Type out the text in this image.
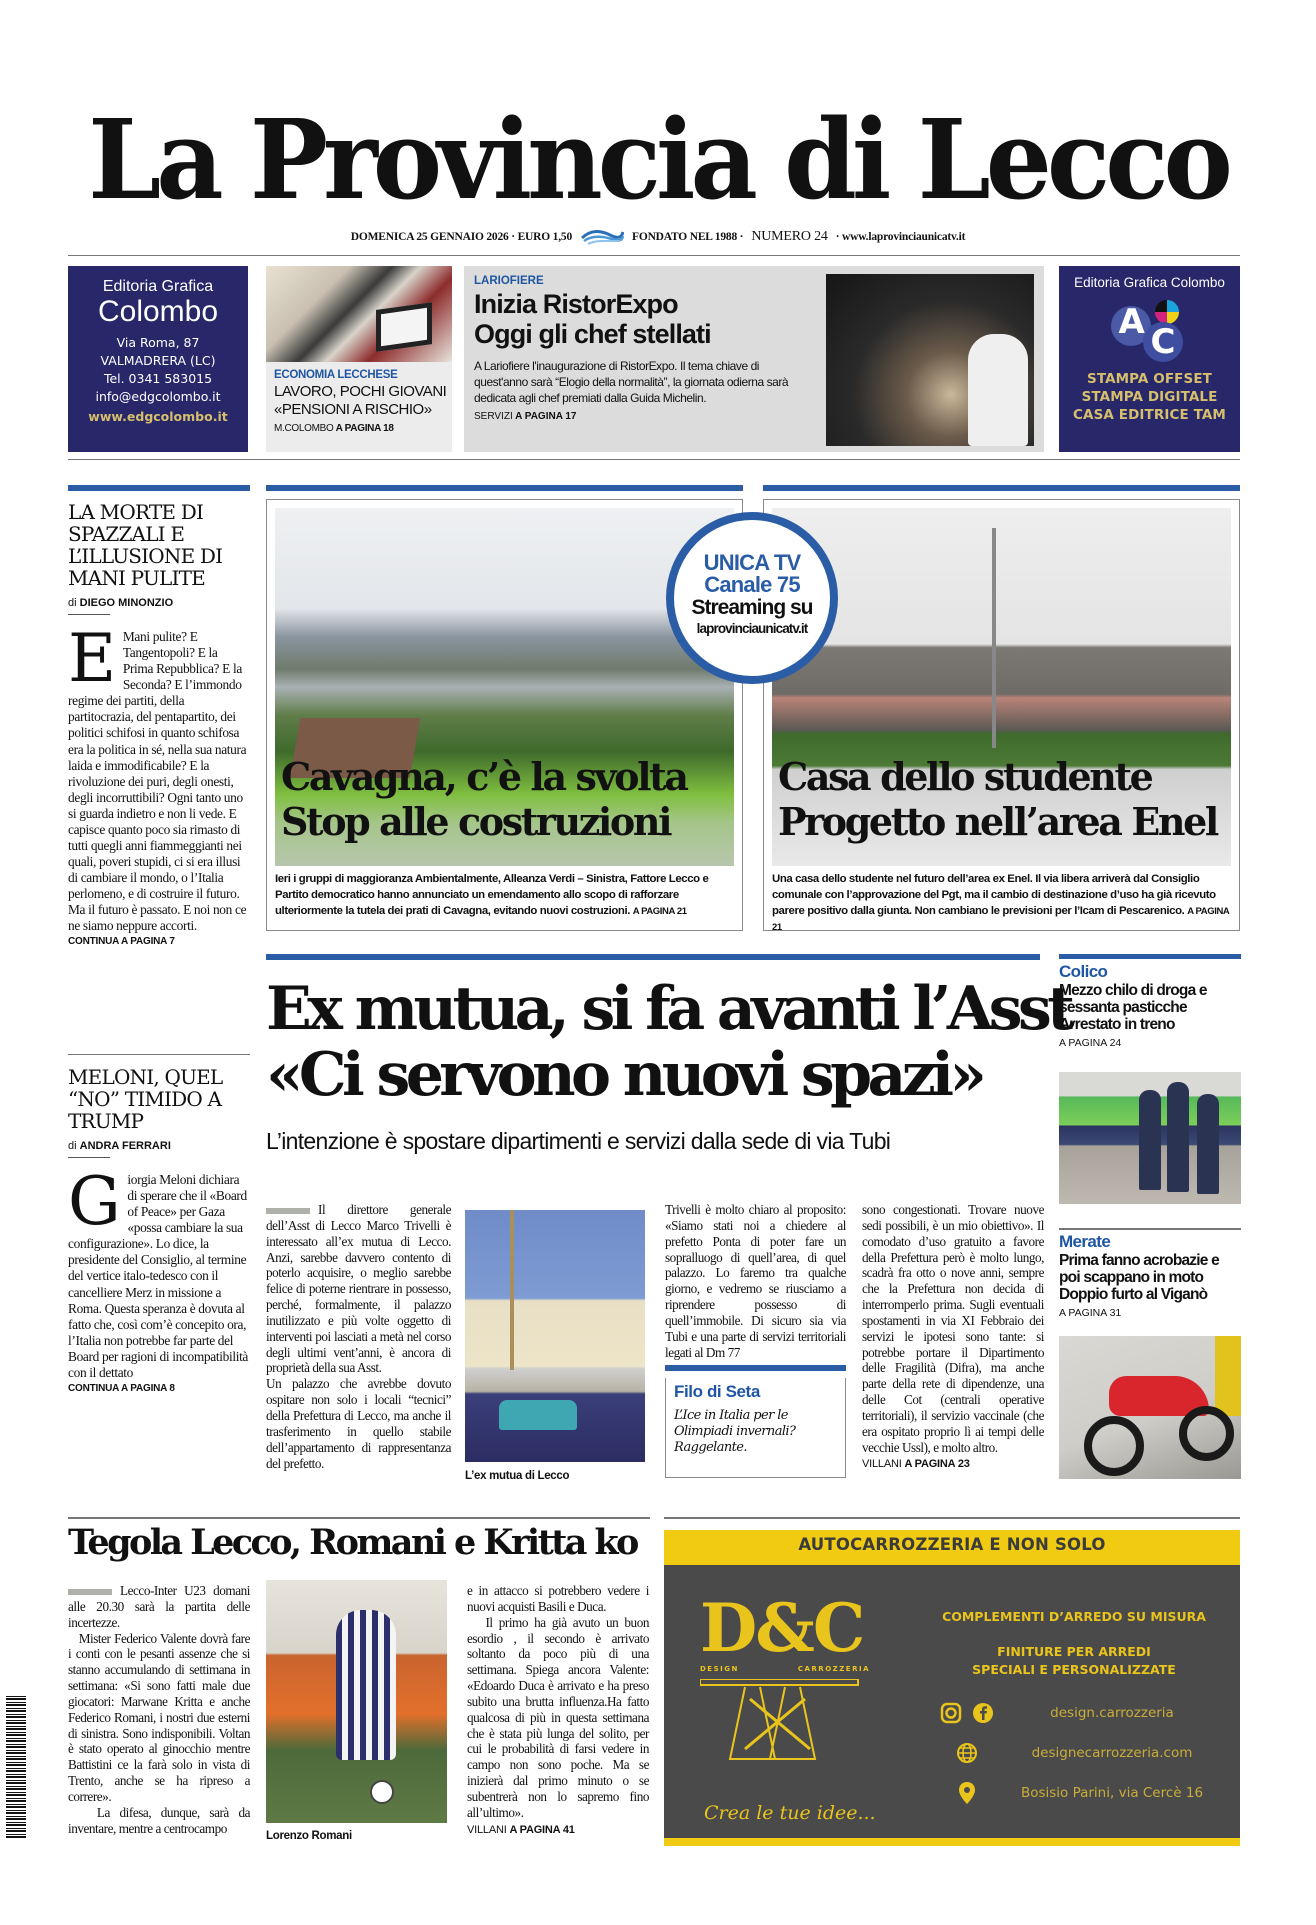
La Provincia di Lecco
DOMENICA 25 GENNAIO 2026 · EURO 1,50	FONDATO NEL 1988 · NUMERO 24 · www.laprovinciaunicatv.it
Editoria Grafica
Colombo
Via Roma, 87
VALMADRERA (LC)
Tel. 0341 583015
info@edgcolombo.it
www.edgcolombo.it
ECONOMIA LECCHESE
LAVORO, POCHI GIOVANI
«PENSIONI A RISCHIO»
M.COLOMBO A PAGINA 18
LARIOFIERE
Inizia RistorExpo
Oggi gli chef stellati
A Lariofiere l'inaugurazione di RistorExpo. Il tema chiave di quest'anno sarà “Elogio della normalità”, la giornata odierna sarà dedicata agli chef premiati dalla Guida Michelin.
SERVIZI A PAGINA 17
Editoria Grafica Colombo
A C
STAMPA OFFSET
STAMPA DIGITALE
CASA EDITRICE TAM
LA MORTE DI SPAZZALI E L’ILLUSIONE DI MANI PULITE
di DIEGO MINONZIO
E Mani pulite? E Tangentopoli? E la Prima Repubblica? E la Seconda? E l’immondo regime dei partiti, della partitocrazia, del pentapartito, dei politici schifosi in quanto schifosa era la politica in sé, nella sua natura laida e immodificabile? E la rivoluzione dei puri, degli onesti, degli incorruttibili? Ogni tanto uno si guarda indietro e non li vede. E capisce quanto poco sia rimasto di tutti quegli anni fiammeggianti nei quali, poveri stupidi, ci si era illusi di cambiare il mondo, o l’Italia perlomeno, e di costruire il futuro. Ma il futuro è passato. E noi non ce ne siamo neppure accorti.
CONTINUA A PAGINA 7
MELONI, QUEL “NO” TIMIDO A TRUMP
di ANDRA FERRARI
Giorgia Meloni dichiara di sperare che il «Board of Peace» per Gaza «possa cambiare la sua configurazione». Lo dice, la presidente del Consiglio, al termine del vertice italo-tedesco con il cancelliere Merz in missione a Roma. Questa speranza è dovuta al fatto che, così com’è concepito ora, l’Italia non potrebbe far parte del Board per ragioni di incompatibilità con il dettato
CONTINUA A PAGINA 8
Cavagna, c’è la svolta
Stop alle costruzioni
Ieri i gruppi di maggioranza Ambientalmente, Alleanza Verdi – Sinistra, Fattore Lecco e Partito democratico hanno annunciato un emendamento allo scopo di rafforzare ulteriormente la tutela dei prati di Cavagna, evitando nuovi costruzioni. A PAGINA 21
Casa dello studente
Progetto nell’area Enel
Una casa dello studente nel futuro dell’area ex Enel. Il via libera arriverà dal Consiglio comunale con l’approvazione del Pgt, ma il cambio di destinazione d’uso ha già ricevuto parere positivo dalla giunta. Non cambiano le previsioni per l’Icam di Pescarenico. A PAGINA 21
UNICA TV
Canale 75
Streaming su
laprovinciaunicatv.it
Ex mutua, si fa avanti l’Asst
«Ci servono nuovi spazi»
L’intenzione è spostare dipartimenti e servizi dalla sede di via Tubi
Il direttore generale dell’Asst di Lecco Marco Trivelli è interessato all’ex mutua di Lecco. Anzi, sarebbe davvero contento di poterlo acquisire, o meglio sarebbe felice di poterne rientrare in possesso, perché, formalmente, il palazzo inutilizzato e più volte oggetto di interventi poi lasciati a metà nel corso degli ultimi vent’anni, è ancora di proprietà della sua Asst.
Un palazzo che avrebbe dovuto ospitare non solo i locali “tecnici” della Prefettura di Lecco, ma anche il trasferimento in quello stabile dell’appartamento di rappresentanza del prefetto.
L’ex mutua di Lecco
Trivelli è molto chiaro al proposito: «Siamo stati noi a chiedere al prefetto Ponta di poter fare un sopralluogo di quell’area, di quel palazzo. Lo faremo tra qualche giorno, e vedremo se riusciamo a riprendere possesso di quell’immobile. Di sicuro sia via Tubi e una parte di servizi territoriali legati al Dm 77
Filo di Seta
L’Ice in Italia per le Olimpiadi invernali? Raggelante.
sono congestionati. Trovare nuove sedi possibili, è un mio obiettivo». Il comodato d’uso gratuito a favore della Prefettura però è molto lungo, scadrà fra otto o nove anni, sempre che la Prefettura non decida di interromperlo prima. Sugli eventuali spostamenti in via XI Febbraio dei servizi le ipotesi sono tante: si potrebbe portare il Dipartimento delle Fragilità (Difra), ma anche parte della rete di dipendenze, una delle Cot (centrali operative territoriali), il servizio vaccinale (che era ospitato proprio lì ai tempi delle vecchie Ussl), e molto altro.
VILLANI A PAGINA 23
Colico
Mezzo chilo di droga e sessanta pasticche Arrestato in treno
A PAGINA 24
Merate
Prima fanno acrobazie e poi scappano in moto Doppio furto al Viganò
A PAGINA 31
Tegola Lecco, Romani e Kritta ko
Lecco-Inter U23 domani alle 20.30 sarà la partita delle incertezze.
Mister Federico Valente dovrà fare i conti con le pesanti assenze che si stanno accumulando di settimana in settimana: «Si sono fatti male due giocatori: Marwane Kritta e anche Federico Romani, i nostri due esterni di sinistra. Sono indisponibili. Voltan è stato operato al ginocchio mentre Battistini ce la farà solo in vista di Trento, anche se ha ripreso a correre».
La difesa, dunque, sarà da inventare, mentre a centrocampo
Lorenzo Romani
e in attacco si potrebbero vedere i nuovi acquisti Basili e Duca.
Il primo ha già avuto un buon esordio , il secondo è arrivato soltanto da poco più di una settimana. Spiega ancora Valente: «Edoardo Duca è arrivato e ha preso subito una brutta influenza.Ha fatto qualcosa di più in questa settimana che è stata più lunga del solito, per cui le probabilità di farsi vedere in campo non sono poche. Ma se inizierà dal primo minuto o se subentrerà non lo sapremo fino all’ultimo».
VILLANI A PAGINA 41
AUTOCARROZZERIA E NON SOLO
D&C
DESIGN	CARROZZERIA
Crea le tue idee...
COMPLEMENTI D’ARREDO SU MISURA
FINITURE PER ARREDI
SPECIALI E PERSONALIZZATE
design.carrozzeria
designecarrozzeria.com
Bosisio Parini, via Cercè 16
